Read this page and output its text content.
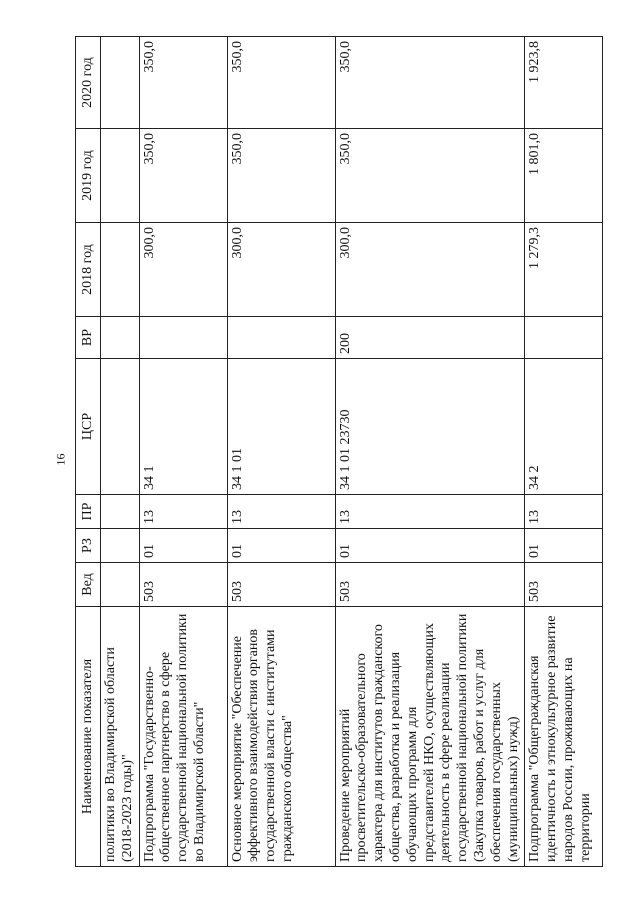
16
Наименование показателя	Вед	РЗ	ПР	ЦСР	ВР	2018 год	2019 год	2020 год
политики во Владимирской области (2018-2023 годы)"								
Подпрограмма "Государственно-общественное партнерство в сфере государственной национальной политики во Владимирской области"	503	01	13	34 1		300,0	350,0	350,0
Основное мероприятие "Обеспечение эффективного взаимодействия органов государственной власти с институтами гражданского общества"	503	01	13	34 1 01		300,0	350,0	350,0
Проведение мероприятий просветительско-образовательного характера для институтов гражданского общества, разработка и реализация обучающих программ для представителей НКО, осуществляющих деятельность в сфере реализации государственной национальной политики (Закупка товаров, работ и услуг для обеспечения государственных (муниципальных) нужд)	503	01	13	34 1 01 23730	200	300,0	350,0	350,0
Подпрограмма "Общегражданская идентичность и этнокультурное развитие народов России, проживающих на территории	503	01	13	34 2		1 279,3	1 801,0	1 923,8
